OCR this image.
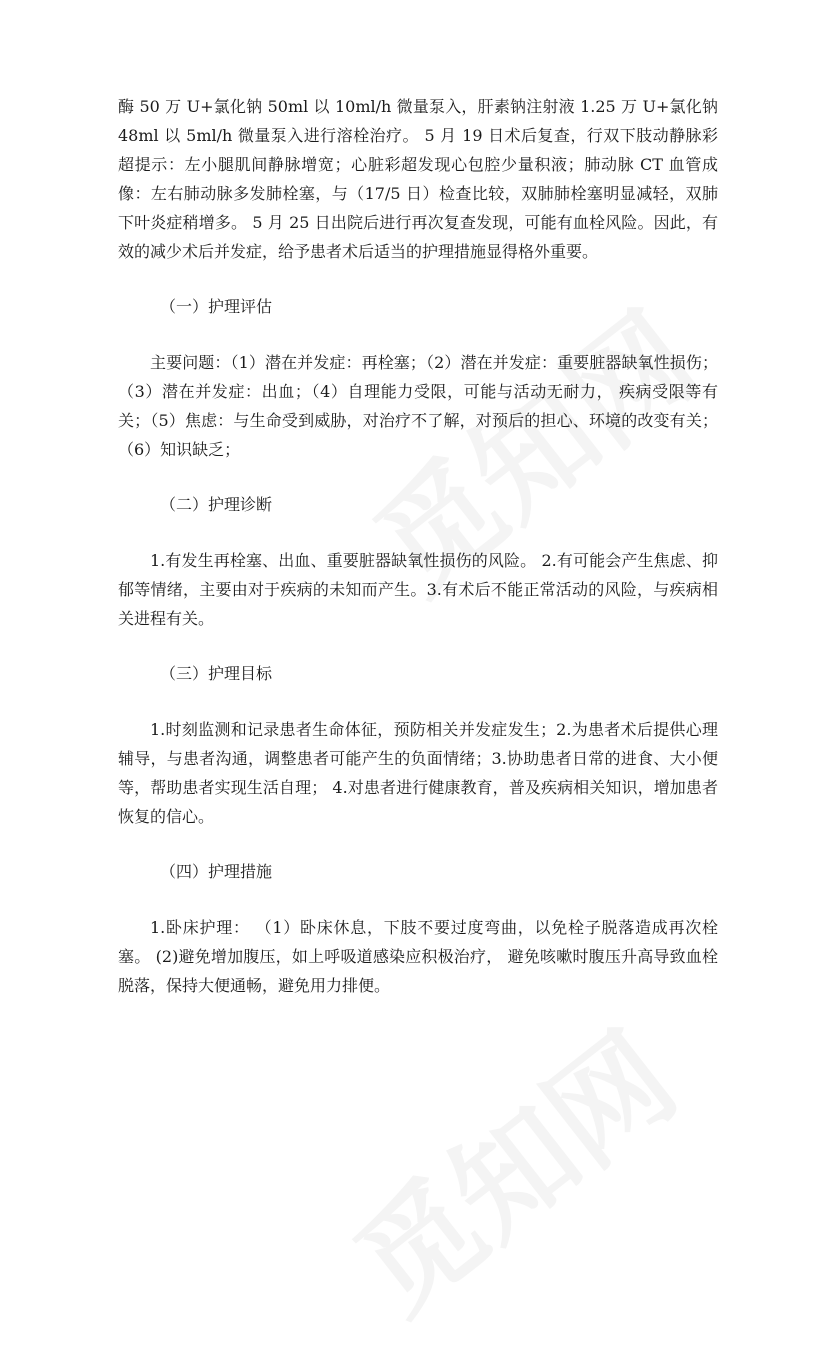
酶 50 万 U+氯化钠 50ml 以 10ml/h 微量泵入，肝素钠注射液 1.25 万 U+氯化钠 48ml 以 5ml/h 微量泵入进行溶栓治疗。 5 月 19 日术后复查，行双下肢动静脉彩超提示：左小腿肌间静脉增宽；心脏彩超发现心包腔少量积液；肺动脉 CT 血管成像：左右肺动脉多发肺栓塞，与（17/5 日）检查比较，双肺肺栓塞明显减轻，双肺下叶炎症稍增多。 5 月 25 日出院后进行再次复查发现，可能有血栓风险。因此，有效的减少术后并发症，给予患者术后适当的护理措施显得格外重要。

（一）护理评估

主要问题：（1）潜在并发症：再栓塞；（2）潜在并发症：重要脏器缺氧性损伤；（3）潜在并发症：出血；（4）自理能力受限，可能与活动无耐力， 疾病受限等有关；（5）焦虑：与生命受到威胁，对治疗不了解，对预后的担心、环境的改变有关；（6）知识缺乏；

（二）护理诊断

1.有发生再栓塞、出血、重要脏器缺氧性损伤的风险。 2.有可能会产生焦虑、抑郁等情绪，主要由对于疾病的未知而产生。3.有术后不能正常活动的风险，与疾病相关进程有关。

（三）护理目标

1.时刻监测和记录患者生命体征，预防相关并发症发生；2.为患者术后提供心理辅导，与患者沟通，调整患者可能产生的负面情绪；3.协助患者日常的进食、大小便等，帮助患者实现生活自理； 4.对患者进行健康教育，普及疾病相关知识，增加患者恢复的信心。

（四）护理措施

1.卧床护理： （1）卧床休息，下肢不要过度弯曲，以免栓子脱落造成再次栓塞。 (2)避免增加腹压，如上呼吸道感染应积极治疗， 避免咳嗽时腹压升高导致血栓脱落，保持大便通畅，避免用力排便。
